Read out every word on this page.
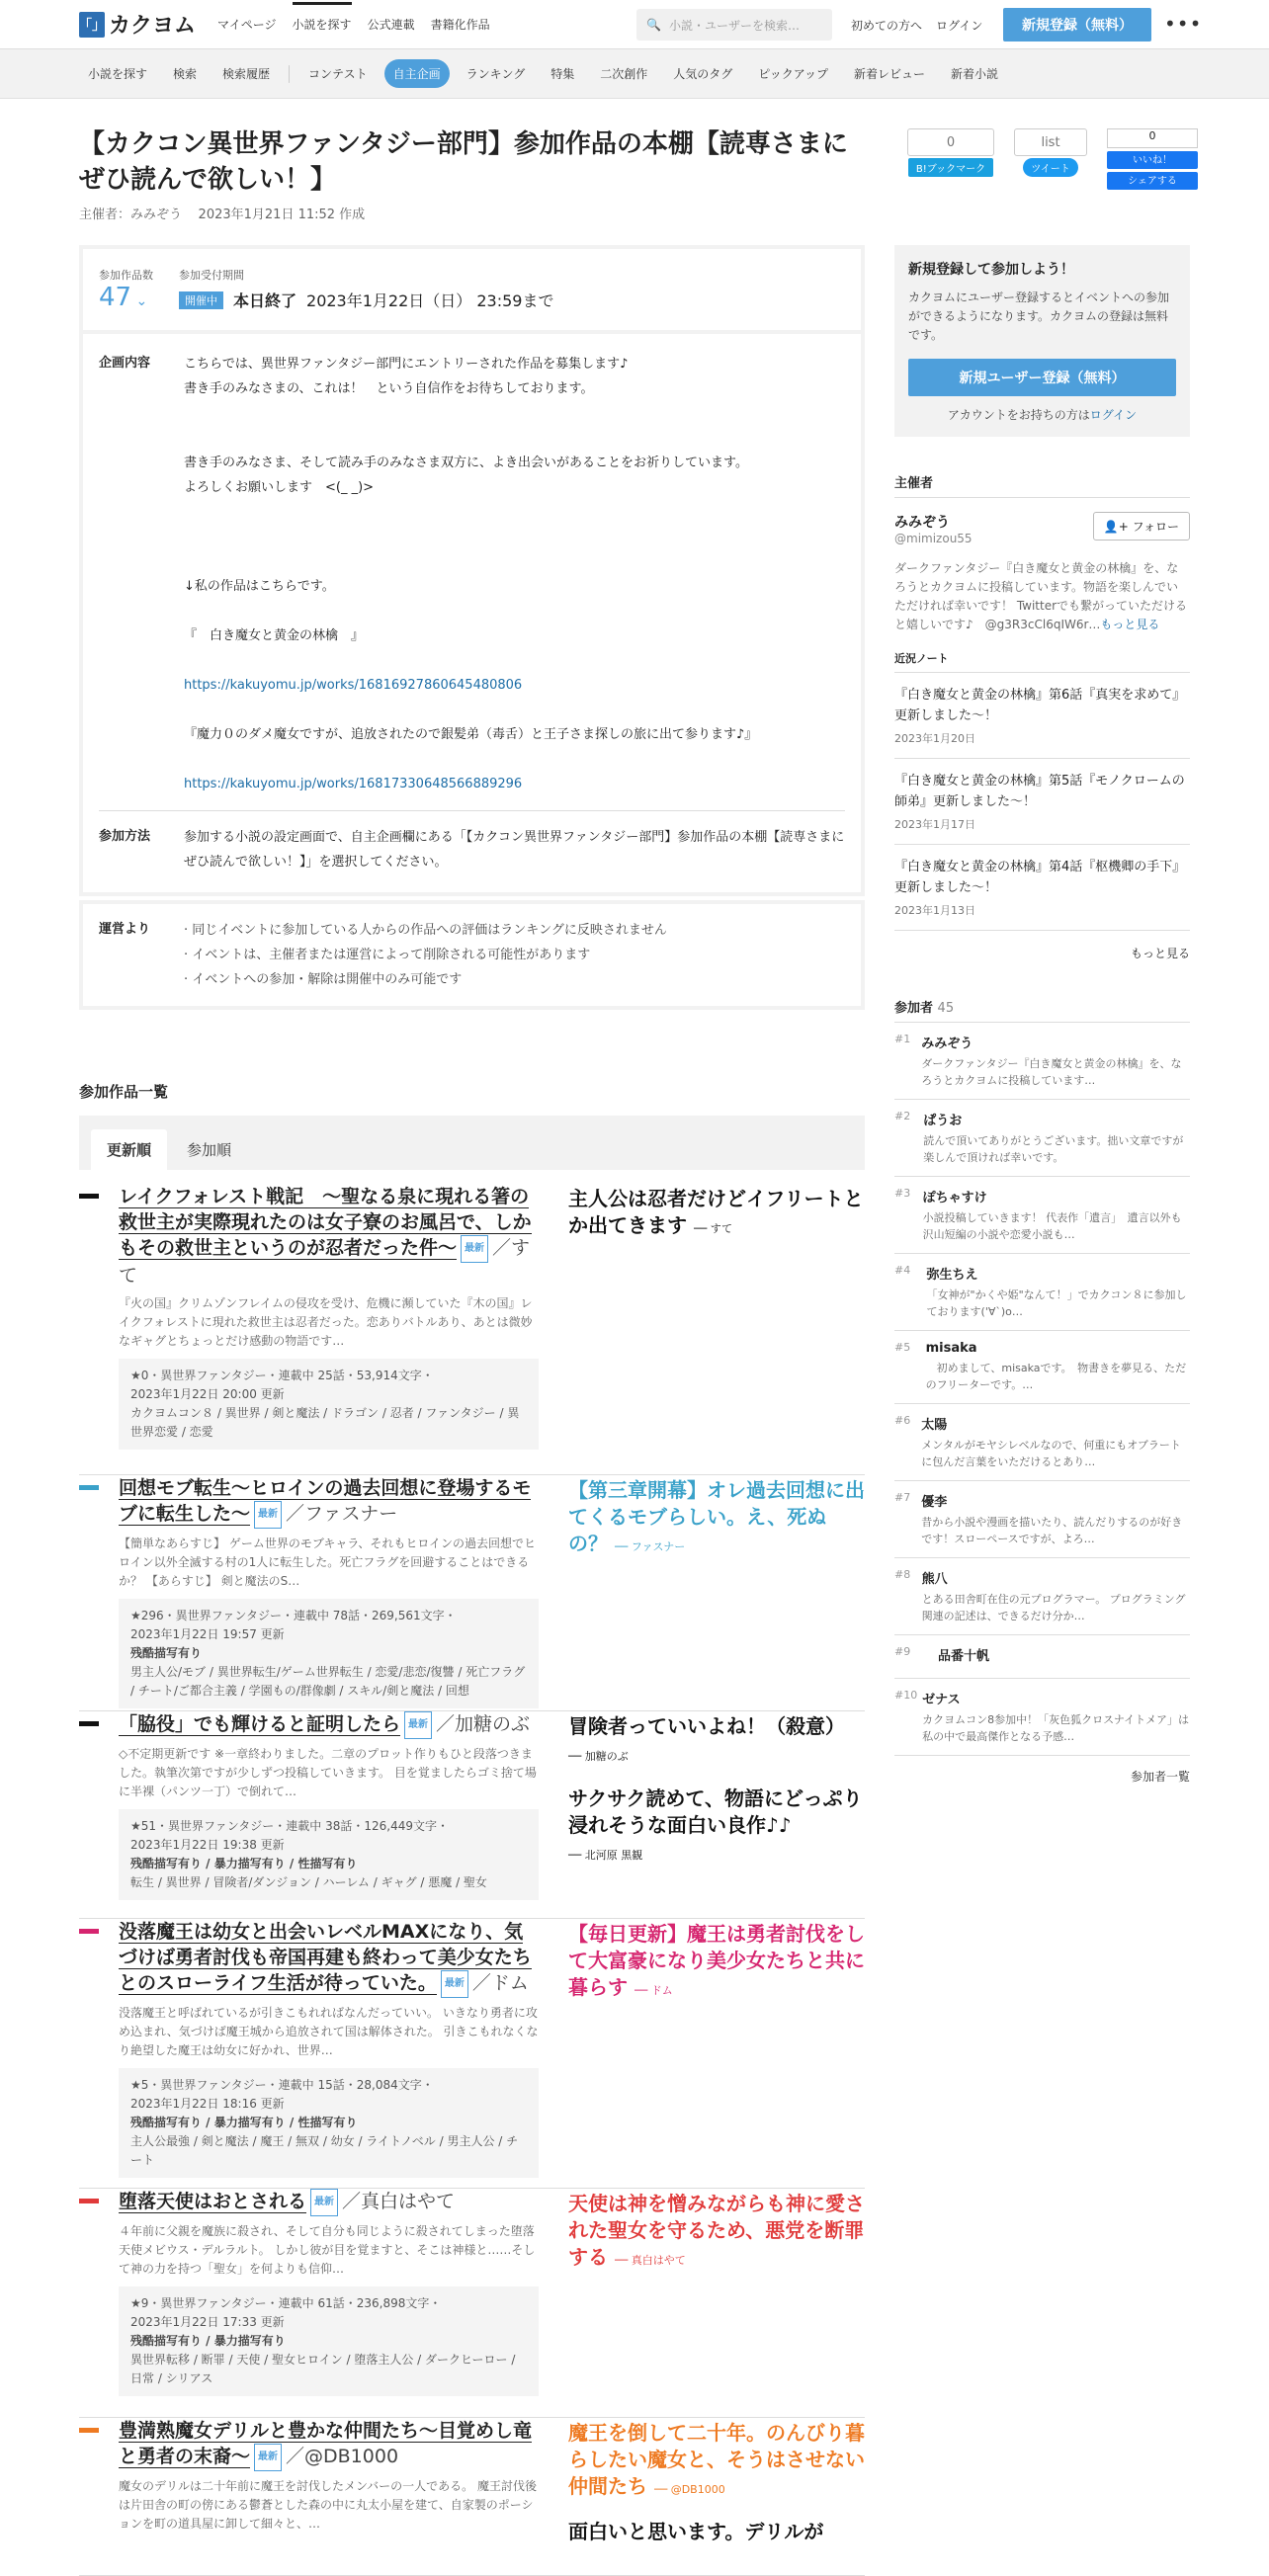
「」 カクヨム マイページ 小説を探す 公式連載 書籍化作品	🔍 小説・ユーザーを検索…	初めての方へ ログイン	新規登録（無料）	•••
小説を探す	検索	検索履歴	コンテスト	自主企画	ランキング	特集	二次創作	人気のタグ	ピックアップ	新着レビュー	新着小説
【カクコン異世界ファンタジー部門】参加作品の本棚【読専さまにぜひ読んで欲しい！】
主催者：みみぞう 2023年1月21日 11:52 作成
0
B!ブックマーク
list
ツイート
0
いいね！
シェアする
参加作品数
47 ⌄
参加受付期間
開催中	本日終了 2023年1月22日（日） 23:59まで
企画内容	こちらでは、異世界ファンタジー部門にエントリーされた作品を募集します♪
書き手のみなさまの、これは！　という自信作をお待ちしております。
書き手のみなさま、そして読み手のみなさま双方に、よき出会いがあることをお祈りしています。
よろしくお願いします　<(_ _)>
↓私の作品はこちらです。
『　白き魔女と黄金の林檎　』
https://kakuyomu.jp/works/16816927860645480806
『魔力０のダメ魔女ですが、追放されたので銀髪弟（毒舌）と王子さま探しの旅に出て参ります♪』
https://kakuyomu.jp/works/16817330648566889296
参加方法	参加する小説の設定画面で、自主企画欄にある「【カクコン異世界ファンタジー部門】参加作品の本棚【読専さまにぜひ読んで欲しい！】」を選択してください。
運営より	· 同じイベントに参加している人からの作品への評価はランキングに反映されません
· イベントは、主催者または運営によって削除される可能性があります
· イベントへの参加・解除は開催中のみ可能です
参加作品一覧
更新順	参加順
レイクフォレスト戦記　～聖なる泉に現れる箸の救世主が実際現れたのは女子寮のお風呂で、しかもその救世主というのが忍者だった件～ 最新 ／すて
『火の国』クリムゾンフレイムの侵攻を受け、危機に瀕していた『木の国』レイクフォレストに現れた救世主は忍者だった。恋ありバトルあり、あとは微妙なギャグとちょっとだけ感動の物語です…
★0・異世界ファンタジー・連載中 25話・53,914文字・
2023年1月22日 20:00 更新
カクヨムコン８ / 異世界 / 剣と魔法 / ドラゴン / 忍者 / ファンタジー / 異世界恋愛 / 恋愛
主人公は忍者だけどイフリートとか出てきます ── すて
回想モブ転生～ヒロインの過去回想に登場するモブに転生した～ 最新 ／ファスナー
【簡単なあらすじ】 ゲーム世界のモブキャラ、それもヒロインの過去回想でヒロイン以外全滅する村の1人に転生した。死亡フラグを回避することはできるか？ 【あらすじ】 剣と魔法のS…
★296・異世界ファンタジー・連載中 78話・269,561文字・
2023年1月22日 19:57 更新
残酷描写有り
男主人公/モブ / 異世界転生/ゲーム世界転生 / 恋愛/悲恋/復讐 / 死亡フラグ / チート/ご都合主義 / 学園もの/群像劇 / スキル/剣と魔法 / 回想
【第三章開幕】オレ過去回想に出てくるモブらしい。え、死ぬの？ ── ファスナー
「脇役」でも輝けると証明したら 最新 ／加糖のぶ
◇不定期更新です ※一章終わりました。二章のプロット作りもひと段落つきました。執筆次第ですが少しずつ投稿していきます。 目を覚ましたらゴミ捨て場に半裸（パンツ一丁）で倒れて…
★51・異世界ファンタジー・連載中 38話・126,449文字・
2023年1月22日 19:38 更新
残酷描写有り / 暴力描写有り / 性描写有り
転生 / 異世界 / 冒険者/ダンジョン / ハーレム / ギャグ / 悪魔 / 聖女
冒険者っていいよね！（殺意） ── 加糖のぶ
サクサク読めて、物語にどっぷり浸れそうな面白い良作♪♪
── 北河原 黒観
没落魔王は幼女と出会いレベルMAXになり、気づけば勇者討伐も帝国再建も終わって美少女たちとのスローライフ生活が待っていた。 最新 ／ドム
没落魔王と呼ばれているが引きこもれればなんだっていい。 いきなり勇者に攻め込まれ、気づけば魔王城から追放されて国は解体された。 引きこもれなくなり絶望した魔王は幼女に好かれ、世界…
★5・異世界ファンタジー・連載中 15話・28,084文字・
2023年1月22日 18:16 更新
残酷描写有り / 暴力描写有り / 性描写有り
主人公最強 / 剣と魔法 / 魔王 / 無双 / 幼女 / ライトノベル / 男主人公 / チート
【毎日更新】魔王は勇者討伐をして大富豪になり美少女たちと共に暮らす ── ドム
堕落天使はおとされる 最新 ／真白はやて
４年前に父親を魔族に殺され、そして自分も同じように殺されてしまった堕落天使メビウス・デルラルト。 しかし彼が目を覚ますと、そこは神様と……そして神の力を持つ「聖女」を何よりも信仰…
★9・異世界ファンタジー・連載中 61話・236,898文字・
2023年1月22日 17:33 更新
残酷描写有り / 暴力描写有り
異世界転移 / 断罪 / 天使 / 聖女ヒロイン / 堕落主人公 / ダークヒーロー / 日常 / シリアス
天使は神を憎みながらも神に愛された聖女を守るため、悪党を断罪する ── 真白はやて
豊満熟魔女デリルと豊かな仲間たち～目覚めし竜と勇者の末裔～ 最新 ／@DB1000
魔女のデリルは二十年前に魔王を討伐したメンバーの一人である。 魔王討伐後は片田舎の町の傍にある鬱蒼とした森の中に丸太小屋を建て、自家製のポーションを町の道具屋に卸して細々と、…
魔王を倒して二十年。のんびり暮らしたい魔女と、そうはさせない仲間たち ── @DB1000
面白いと思います。デリルが

新規登録して参加しよう！

カクヨムにユーザー登録するとイベントへの参加ができるようになります。カクヨムの登録は無料です。

新規ユーザー登録（無料）
アカウントをお持ちの方はログイン
主催者
みみぞう
@mimizou55
👤+ フォロー

ダークファンタジー『白き魔女と黄金の林檎』を、なろうとカクヨムに投稿しています。物語を楽しんでいただければ幸いです！ Twitterでも繋がっていただけると嬉しいです♪　@g3R3cCl6qIW6r…もっと見る

近況ノート
『白き魔女と黄金の林檎』第6話『真実を求めて』更新しました～！
2023年1月20日
『白き魔女と黄金の林檎』第5話『モノクロームの師弟』更新しました～！
2023年1月17日
『白き魔女と黄金の林檎』第4話『枢機卿の手下』更新しました～！
2023年1月13日
もっと見る
参加者 45
#1 みみぞう
ダークファンタジー『白き魔女と黄金の林檎』を、なろうとカクヨムに投稿しています…
#2	ぱうお
読んで頂いてありがとうございます。拙い文章ですが楽しんで頂ければ幸いです。
#3 ぽちゃすけ
小説投稿していきます！ 代表作「遺言」　遺言以外も沢山短編の小説や恋愛小説も…
#4	弥生ちえ
「女神が"かくや姫"なんて！」でカクコン８に参加しております('∀`)o…
#5	misaka
　初めまして、misakaです。　物書きを夢見る、ただのフリーターです。…
#6 太陽
メンタルがモヤシレベルなので、何重にもオブラートに包んだ言葉をいただけるとあり…
#7 優李
昔から小説や漫画を描いたり、読んだりするのが好きです！スローペースですが、よろ…
#8 熊八
とある田舎町在住の元プログラマー。 プログラミング関連の記述は、できるだけ分か…
#9	品番十帆
#10 ゼナス
カクヨムコン8参加中！「灰色狐クロスナイトメア」は私の中で最高傑作となる予感…
参加者一覧
